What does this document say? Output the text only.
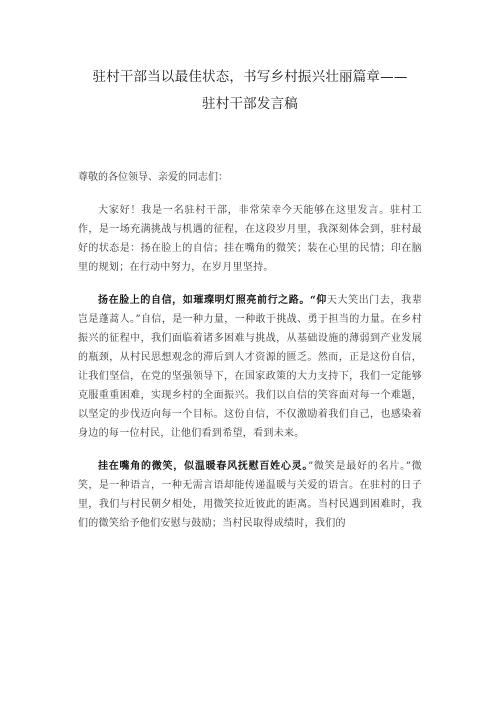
驻村干部当以最佳状态，书写乡村振兴壮丽篇章——
驻村干部发言稿
尊敬的各位领导、亲爱的同志们：

大家好！我是一名驻村干部，非常荣幸今天能够在这里发言。驻村工作，是一场充满挑战与机遇的征程，在这段岁月里，我深刻体会到，驻村最好的状态是：扬在脸上的自信；挂在嘴角的微笑；装在心里的民情；印在脑里的规划；在行动中努力，在岁月里坚持。

扬在脸上的自信，如璀璨明灯照亮前行之路。“仰天大笑出门去，我辈岂是蓬蒿人。”自信，是一种力量，一种敢于挑战、勇于担当的力量。在乡村振兴的征程中，我们面临着诸多困难与挑战，从基础设施的薄弱到产业发展的瓶颈，从村民思想观念的滞后到人才资源的匮乏。然而，正是这份自信，让我们坚信，在党的坚强领导下，在国家政策的大力支持下，我们一定能够克服重重困难，实现乡村的全面振兴。我们以自信的笑容面对每一个难题，以坚定的步伐迈向每一个目标。这份自信，不仅激励着我们自己，也感染着身边的每一位村民，让他们看到希望，看到未来。

挂在嘴角的微笑，似温暖春风抚慰百姓心灵。”微笑是最好的名片。”微笑，是一种语言，一种无需言语却能传递温暖与关爱的语言。在驻村的日子里，我们与村民朝夕相处，用微笑拉近彼此的距离。当村民遇到困难时，我们的微笑给予他们安慰与鼓励；当村民取得成绩时，我们的
